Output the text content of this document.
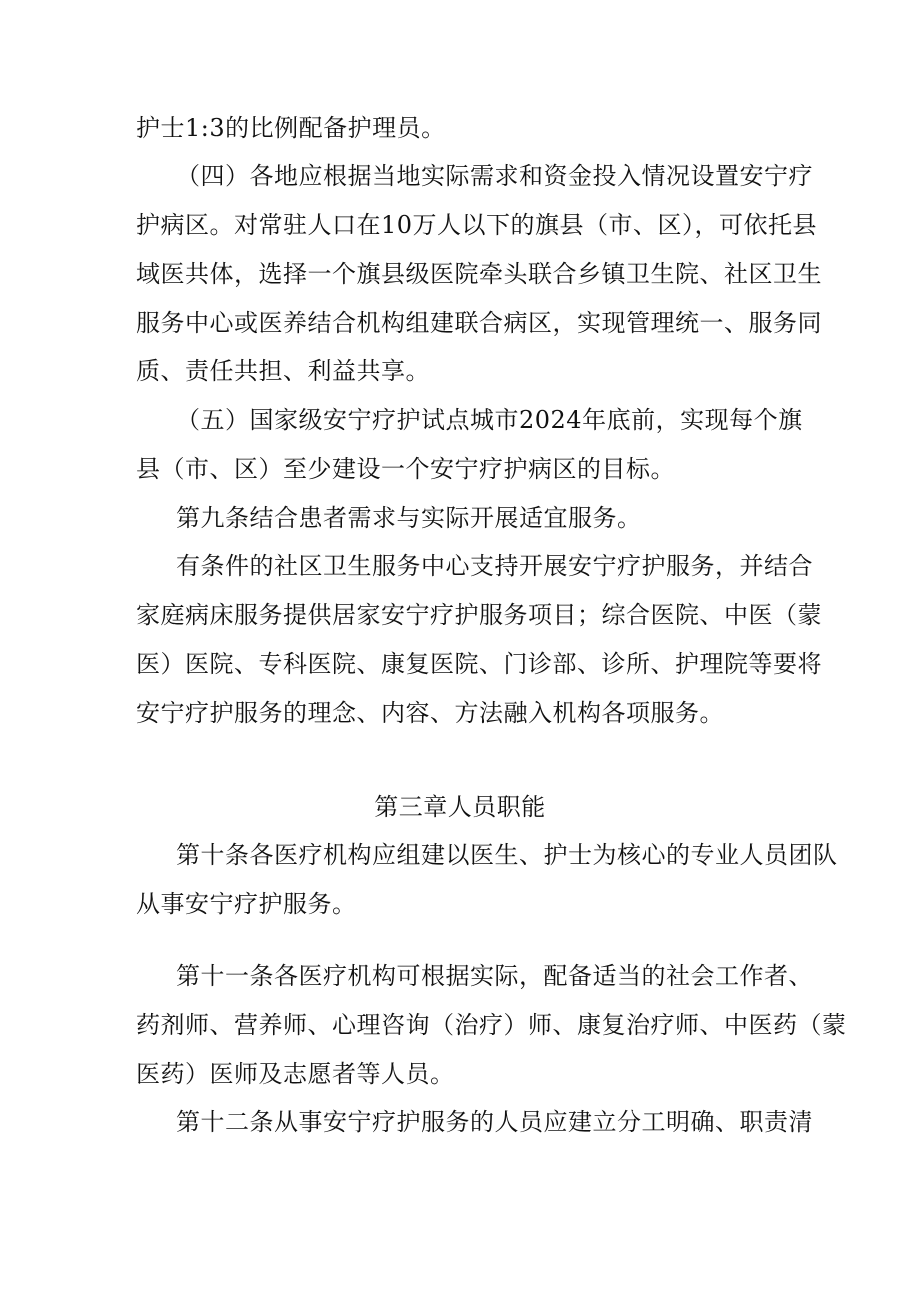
护士1:3的比例配备护理员。
（四）各地应根据当地实际需求和资金投入情况设置安宁疗
护病区。对常驻人口在10万人以下的旗县（市、区），可依托县
域医共体，选择一个旗县级医院牵头联合乡镇卫生院、社区卫生
服务中心或医养结合机构组建联合病区，实现管理统一、服务同
质、责任共担、利益共享。
（五）国家级安宁疗护试点城市2024年底前，实现每个旗
县（市、区）至少建设一个安宁疗护病区的目标。
第九条结合患者需求与实际开展适宜服务。
有条件的社区卫生服务中心支持开展安宁疗护服务，并结合
家庭病床服务提供居家安宁疗护服务项目；综合医院、中医（蒙
医）医院、专科医院、康复医院、门诊部、诊所、护理院等要将
安宁疗护服务的理念、内容、方法融入机构各项服务。
第三章人员职能
第十条各医疗机构应组建以医生、护士为核心的专业人员团队
从事安宁疗护服务。
第十一条各医疗机构可根据实际，配备适当的社会工作者、
药剂师、营养师、心理咨询（治疗）师、康复治疗师、中医药（蒙
医药）医师及志愿者等人员。
第十二条从事安宁疗护服务的人员应建立分工明确、职责清
